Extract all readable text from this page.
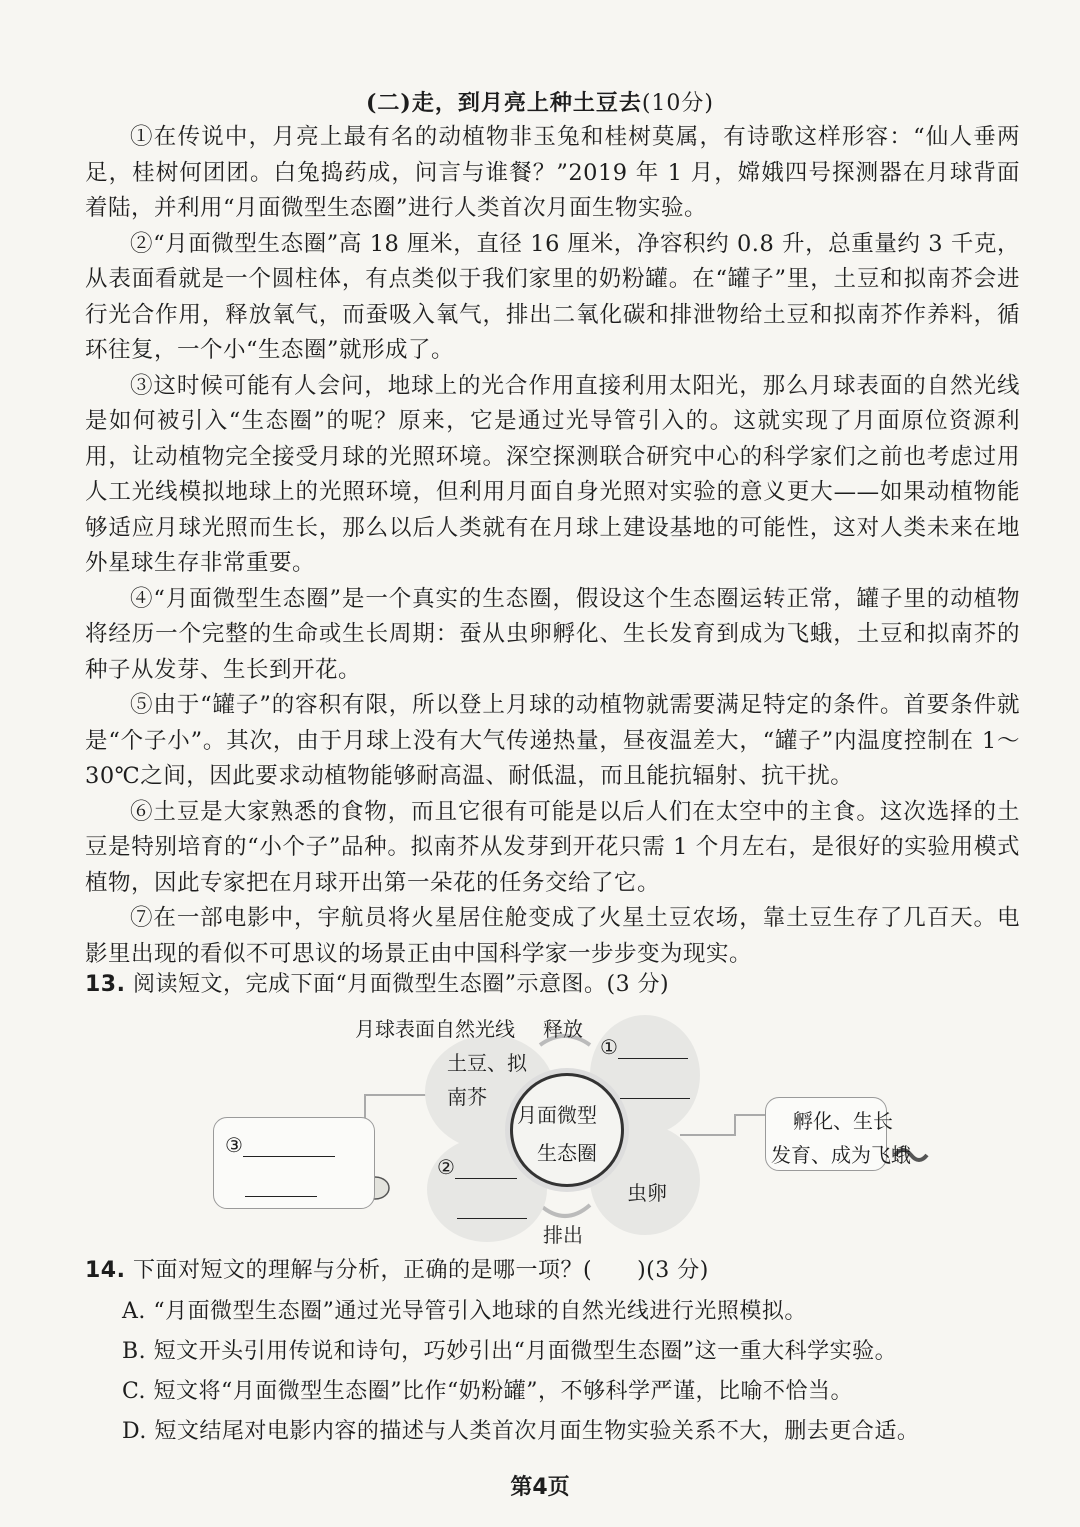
(二)走，到月亮上种土豆去(10分)

①在传说中，月亮上最有名的动植物非玉兔和桂树莫属，有诗歌这样形容：“仙人垂两足，桂树何团团。白兔捣药成，问言与谁餐？”2019 年 1 月，嫦娥四号探测器在月球背面着陆，并利用“月面微型生态圈”进行人类首次月面生物实验。

②“月面微型生态圈”高 18 厘米，直径 16 厘米，净容积约 0.8 升，总重量约 3 千克，从表面看就是一个圆柱体，有点类似于我们家里的奶粉罐。在“罐子”里，土豆和拟南芥会进行光合作用，释放氧气，而蚕吸入氧气，排出二氧化碳和排泄物给土豆和拟南芥作养料，循环往复，一个小“生态圈”就形成了。

③这时候可能有人会问，地球上的光合作用直接利用太阳光，那么月球表面的自然光线是如何被引入“生态圈”的呢？原来，它是通过光导管引入的。这就实现了月面原位资源利用，让动植物完全接受月球的光照环境。深空探测联合研究中心的科学家们之前也考虑过用人工光线模拟地球上的光照环境，但利用月面自身光照对实验的意义更大——如果动植物能够适应月球光照而生长，那么以后人类就有在月球上建设基地的可能性，这对人类未来在地外星球生存非常重要。

④“月面微型生态圈”是一个真实的生态圈，假设这个生态圈运转正常，罐子里的动植物将经历一个完整的生命或生长周期：蚕从虫卵孵化、生长发育到成为飞蛾，土豆和拟南芥的种子从发芽、生长到开花。

⑤由于“罐子”的容积有限，所以登上月球的动植物就需要满足特定的条件。首要条件就是“个子小”。其次，由于月球上没有大气传递热量，昼夜温差大，“罐子”内温度控制在 1～30℃之间，因此要求动植物能够耐高温、耐低温，而且能抗辐射、抗干扰。

⑥土豆是大家熟悉的食物，而且它很有可能是以后人们在太空中的主食。这次选择的土豆是特别培育的“小个子”品种。拟南芥从发芽到开花只需 1 个月左右，是很好的实验用模式植物，因此专家把在月球开出第一朵花的任务交给了它。

⑦在一部电影中，宇航员将火星居住舱变成了火星土豆农场，靠土豆生存了几百天。电影里出现的看似不可思议的场景正由中国科学家一步步变为现实。

13. 阅读短文，完成下面“月面微型生态圈”示意图。(3 分)
月球表面自然光线 释放
土豆、拟
南芥
月面微型
生态圈
①
②
③
虫卵
排出
孵化、生长
发育、成为飞蛾
14. 下面对短文的理解与分析，正确的是哪一项？(　　)(3 分)
A. “月面微型生态圈”通过光导管引入地球的自然光线进行光照模拟。
B. 短文开头引用传说和诗句，巧妙引出“月面微型生态圈”这一重大科学实验。
C. 短文将“月面微型生态圈”比作“奶粉罐”，不够科学严谨，比喻不恰当。
D. 短文结尾对电影内容的描述与人类首次月面生物实验关系不大，删去更合适。
第4页
